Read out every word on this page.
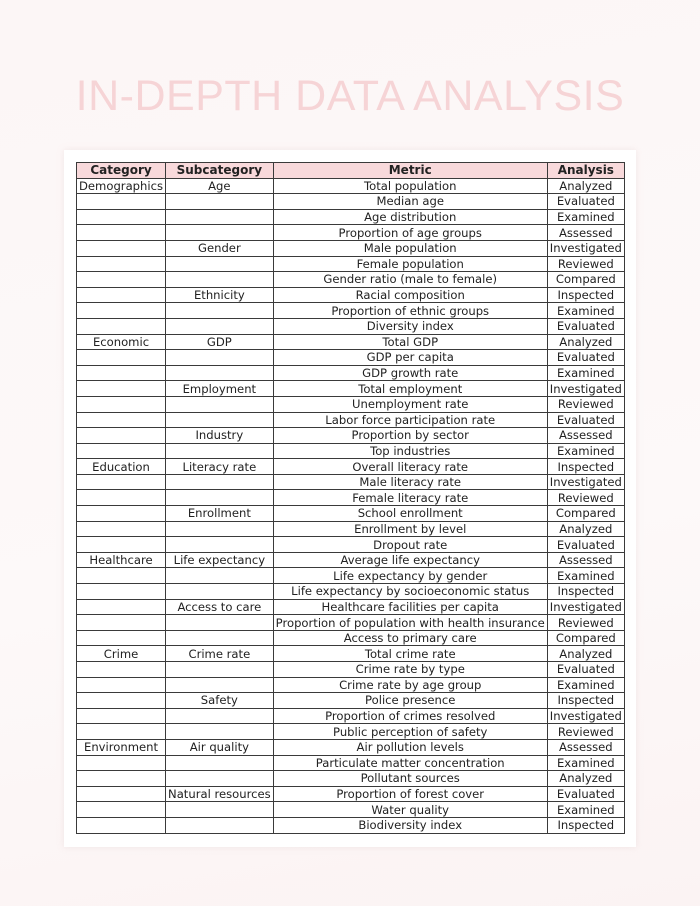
IN-DEPTH DATA ANALYSIS
Category	Subcategory	Metric	Analysis
Demographics	Age	Total population	Analyzed
		Median age	Evaluated
		Age distribution	Examined
		Proportion of age groups	Assessed
	Gender	Male population	Investigated
		Female population	Reviewed
		Gender ratio (male to female)	Compared
	Ethnicity	Racial composition	Inspected
		Proportion of ethnic groups	Examined
		Diversity index	Evaluated
Economic	GDP	Total GDP	Analyzed
		GDP per capita	Evaluated
		GDP growth rate	Examined
	Employment	Total employment	Investigated
		Unemployment rate	Reviewed
		Labor force participation rate	Evaluated
	Industry	Proportion by sector	Assessed
		Top industries	Examined
Education	Literacy rate	Overall literacy rate	Inspected
		Male literacy rate	Investigated
		Female literacy rate	Reviewed
	Enrollment	School enrollment	Compared
		Enrollment by level	Analyzed
		Dropout rate	Evaluated
Healthcare	Life expectancy	Average life expectancy	Assessed
		Life expectancy by gender	Examined
		Life expectancy by socioeconomic status	Inspected
	Access to care	Healthcare facilities per capita	Investigated
		Proportion of population with health insurance	Reviewed
		Access to primary care	Compared
Crime	Crime rate	Total crime rate	Analyzed
		Crime rate by type	Evaluated
		Crime rate by age group	Examined
	Safety	Police presence	Inspected
		Proportion of crimes resolved	Investigated
		Public perception of safety	Reviewed
Environment	Air quality	Air pollution levels	Assessed
		Particulate matter concentration	Examined
		Pollutant sources	Analyzed
	Natural resources	Proportion of forest cover	Evaluated
		Water quality	Examined
		Biodiversity index	Inspected
